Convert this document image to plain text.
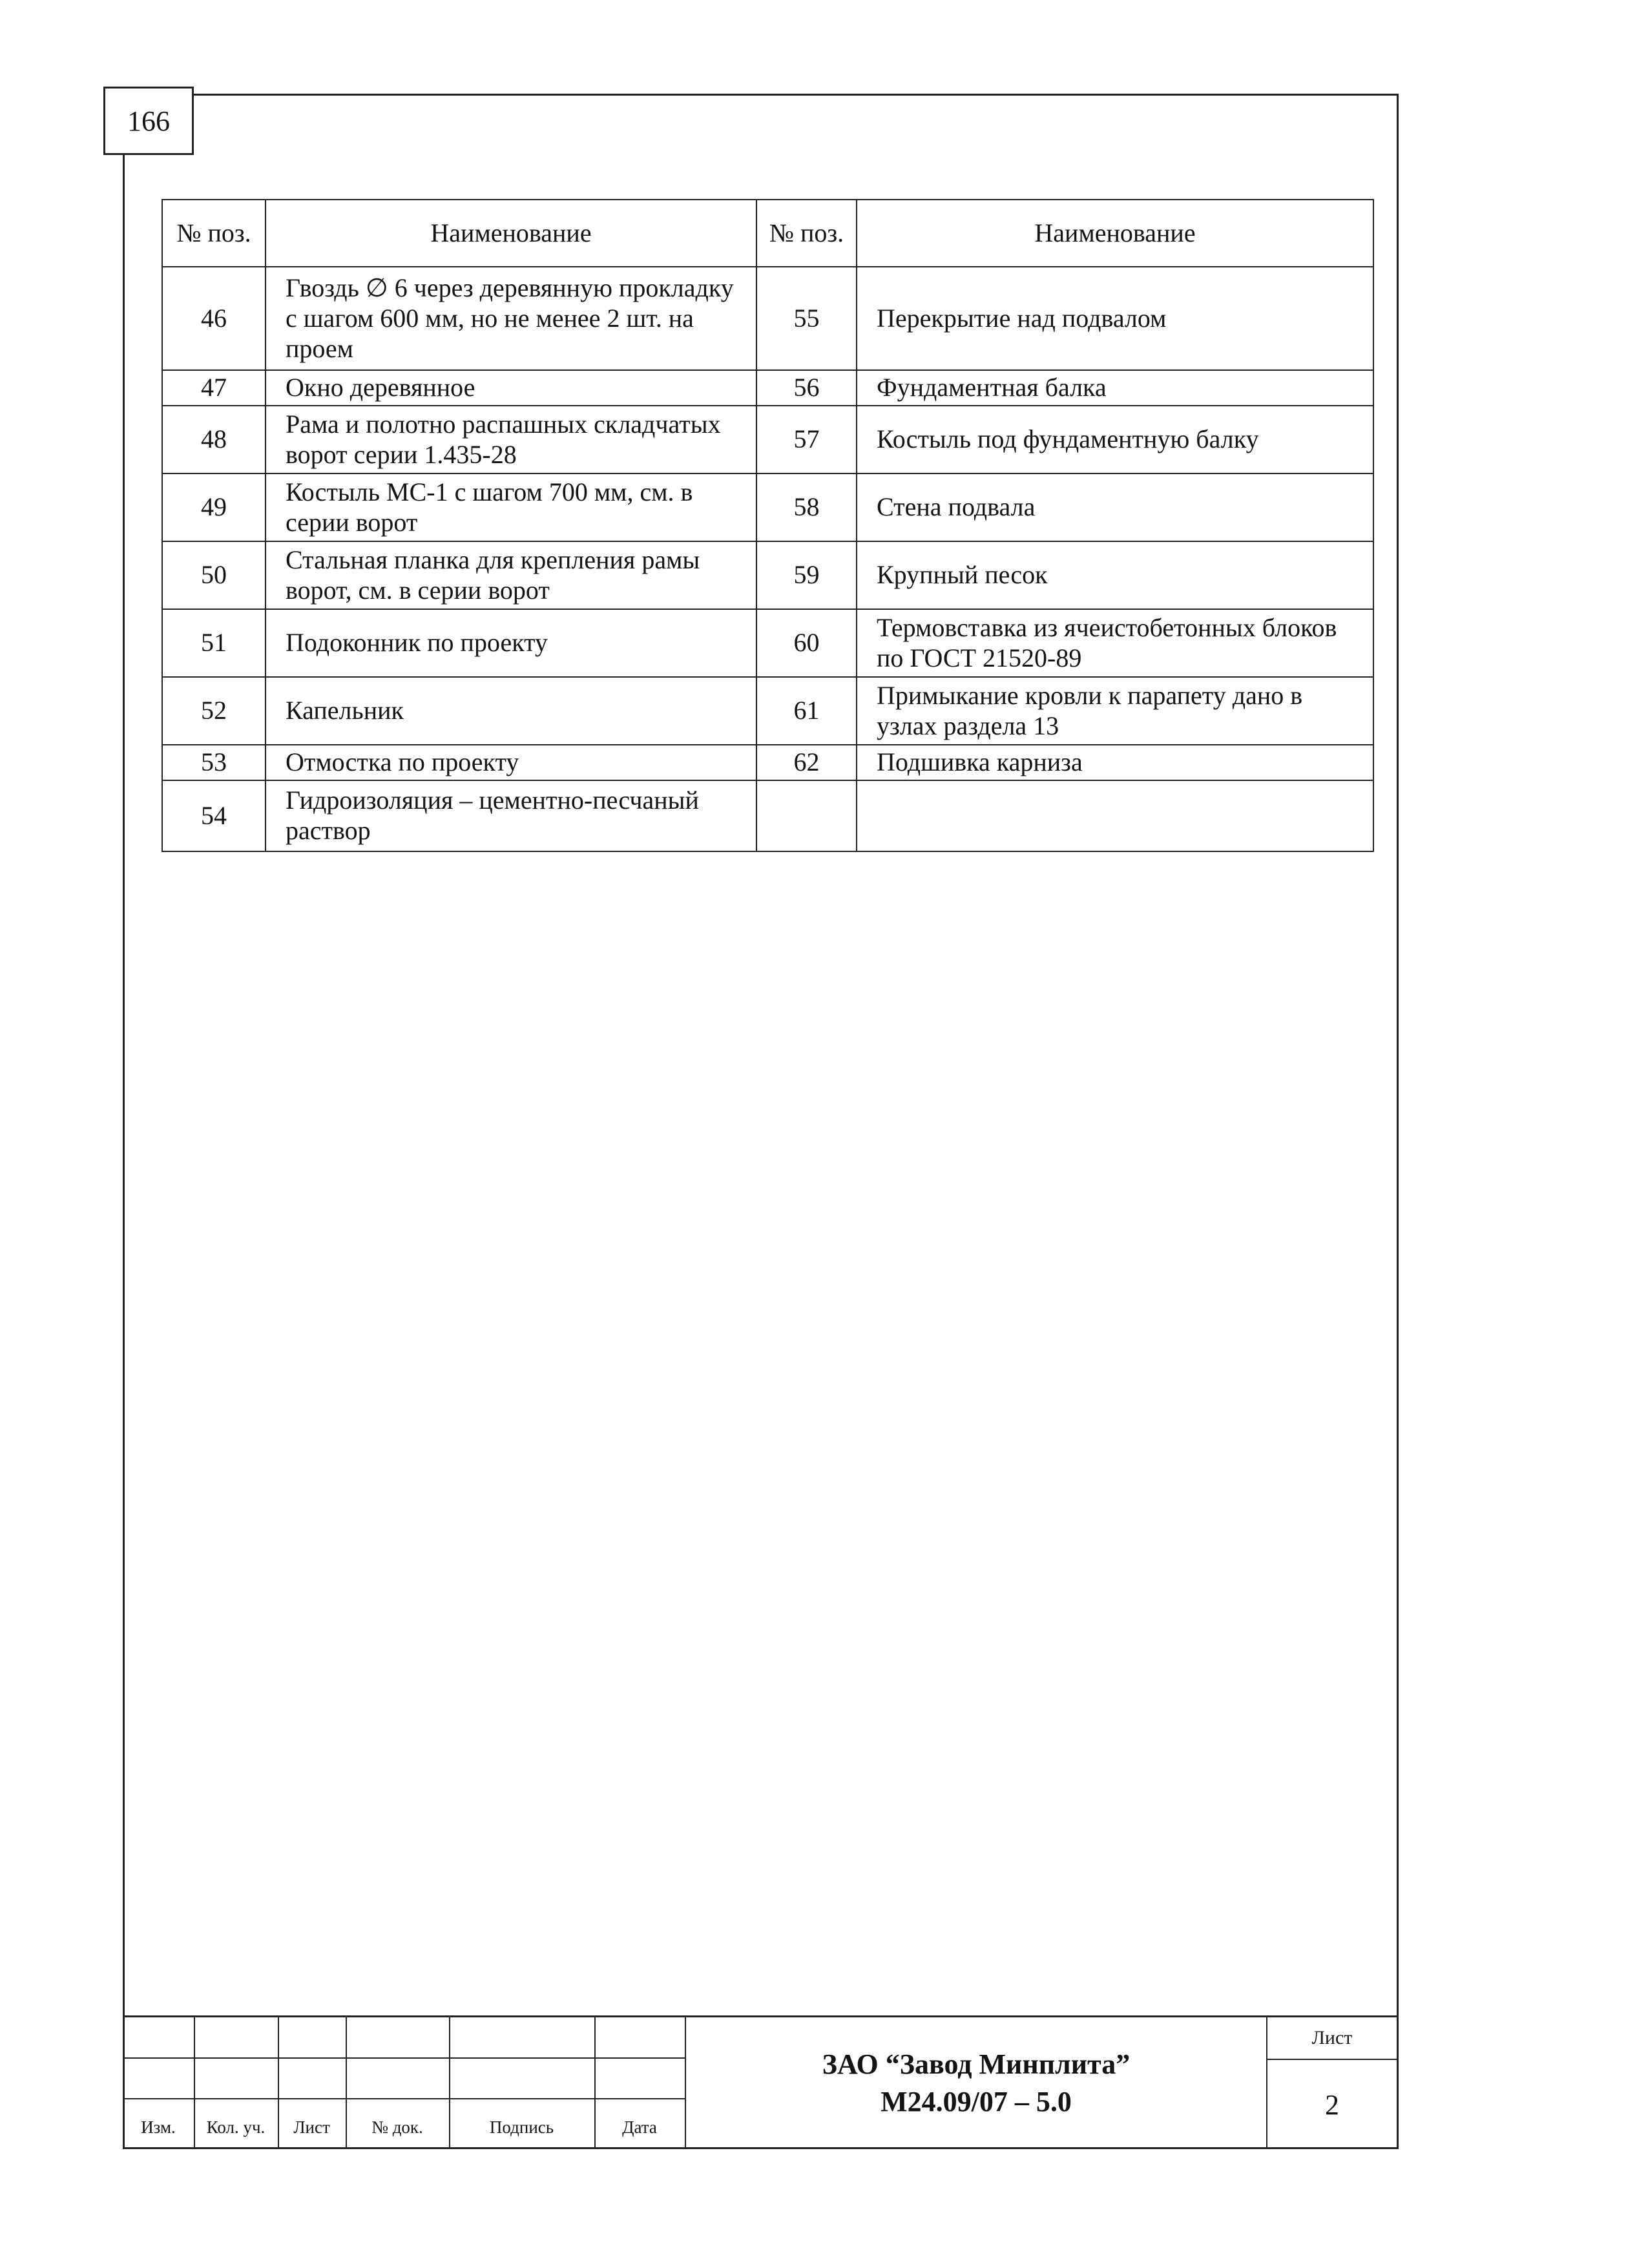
166
№ поз.	Наименование	№ поз.	Наименование
46	Гвоздь ∅ 6 через деревянную прокладку с шагом 600 мм, но не менее 2 шт. на проем	55	Перекрытие над подвалом
47	Окно деревянное	56	Фундаментная балка
48	Рама и полотно распашных складчатых ворот серии 1.435-28	57	Костыль под фундаментную балку
49	Костыль МС-1 с шагом 700 мм, см. в серии ворот	58	Стена подвала
50	Стальная планка для крепления рамы ворот, см. в серии ворот	59	Крупный песок
51	Подоконник по проекту	60	Термовставка из ячеистобетонных блоков по ГОСТ 21520-89
52	Капельник	61	Примыкание кровли к парапету дано в узлах раздела 13
53	Отмостка по проекту	62	Подшивка карниза
54	Гидроизоляция – цементно-песчаный раствор		
Изм.	Кол. уч.	Лист	№ док.	Подпись	Дата
ЗАО “Завод Минплита”
М24.09/07 – 5.0
Лист
2
